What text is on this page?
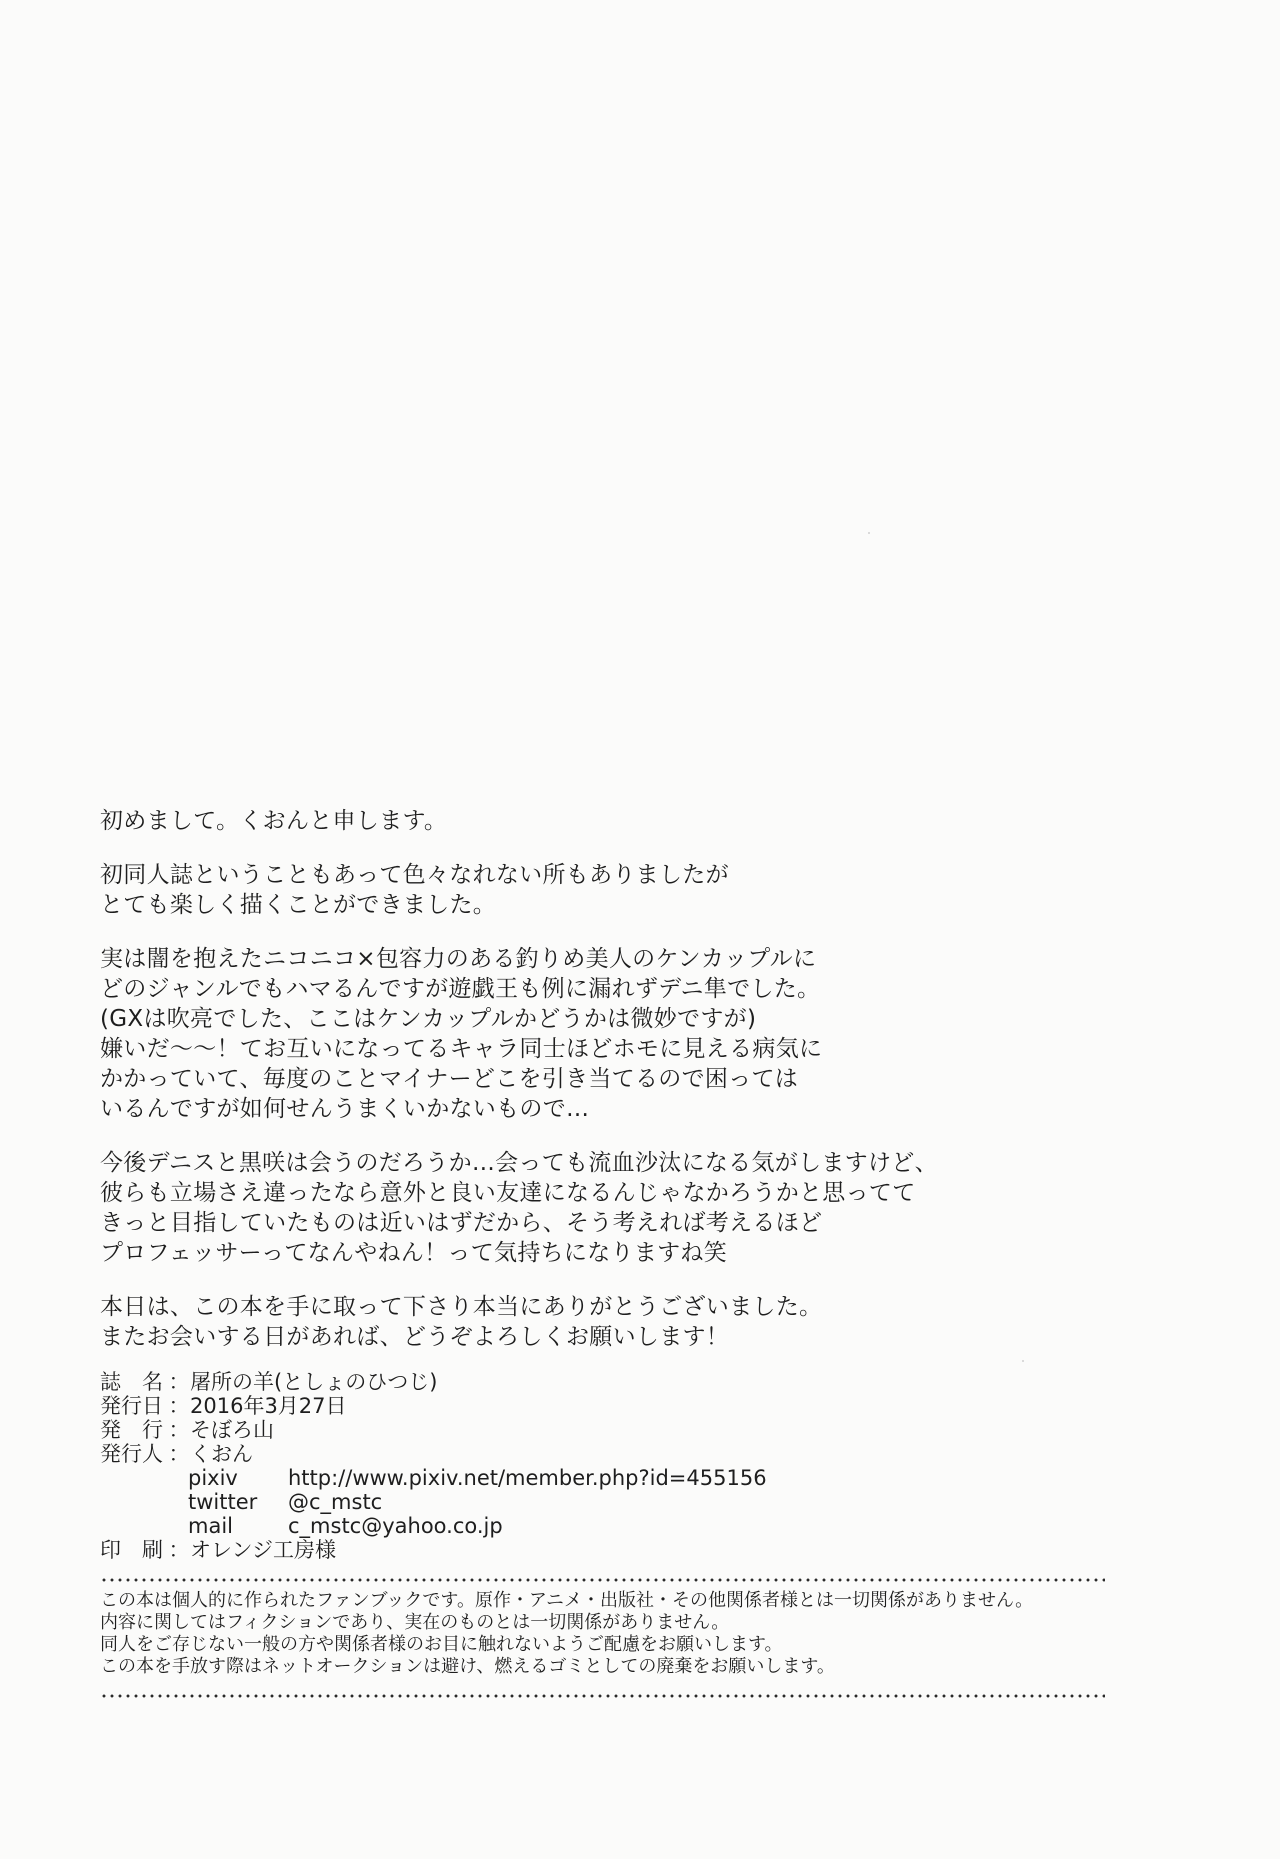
初めまして。くおんと申します。
初同人誌ということもあって色々なれない所もありましたが
とても楽しく描くことができました。
実は闇を抱えたニコニコ×包容力のある釣りめ美人のケンカップルに
どのジャンルでもハマるんですが遊戯王も例に漏れずデニ隼でした。
(GXは吹亮でした、ここはケンカップルかどうかは微妙ですが)
嫌いだ〜〜！てお互いになってるキャラ同士ほどホモに見える病気に
かかっていて、毎度のことマイナーどこを引き当てるので困っては
いるんですが如何せんうまくいかないもので…
今後デニスと黒咲は会うのだろうか…会っても流血沙汰になる気がしますけど、
彼らも立場さえ違ったなら意外と良い友達になるんじゃなかろうかと思ってて
きっと目指していたものは近いはずだから、そう考えれば考えるほど
プロフェッサーってなんやねん！って気持ちになりますね笑
本日は、この本を手に取って下さり本当にありがとうございました。
またお会いする日があれば、どうぞよろしくお願いします！
誌　名 ： 屠所の羊(としょのひつじ)
発行日 ： 2016年3月27日
発　行 ： そぼろ山
発行人 ： くおん
pixiv	http://www.pixiv.net/member.php?id=455156
twitter	@c_mstc
mail	c_mstc@yahoo.co.jp
印　刷 ： オレンジ工房様
この本は個人的に作られたファンブックです。原作・アニメ・出版社・その他関係者様とは一切関係がありません。
内容に関してはフィクションであり、実在のものとは一切関係がありません。
同人をご存じない一般の方や関係者様のお目に触れないようご配慮をお願いします。
この本を手放す際はネットオークションは避け、燃えるゴミとしての廃棄をお願いします。
